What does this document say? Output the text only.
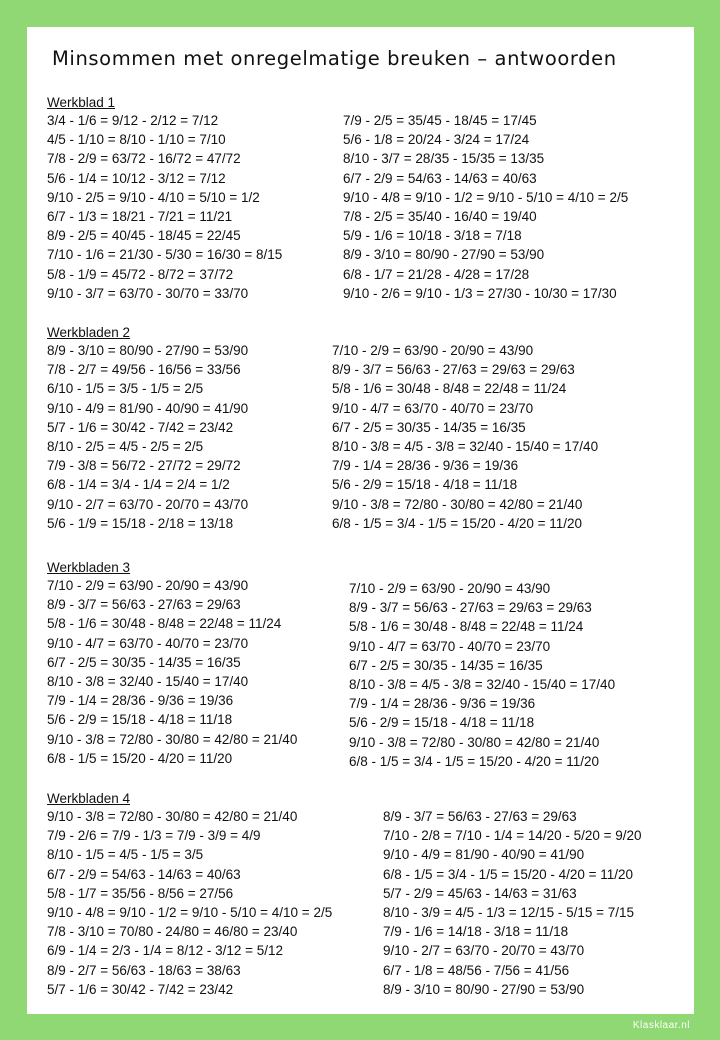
Minsommen met onregelmatige breuken – antwoorden
Werkblad 1
3/4 - 1/6 = 9/12 - 2/12 = 7/12
4/5 - 1/10 = 8/10 - 1/10 = 7/10
7/8 - 2/9 = 63/72 - 16/72 = 47/72
5/6 - 1/4 = 10/12 - 3/12 = 7/12
9/10 - 2/5 = 9/10 - 4/10 = 5/10 = 1/2
6/7 - 1/3 = 18/21 - 7/21 = 11/21
8/9 - 2/5 = 40/45 - 18/45 = 22/45
7/10 - 1/6 = 21/30 - 5/30 = 16/30 = 8/15
5/8 - 1/9 = 45/72 - 8/72 = 37/72
9/10 - 3/7 = 63/70 - 30/70 = 33/70
7/9 - 2/5 = 35/45 - 18/45 = 17/45
5/6 - 1/8 = 20/24 - 3/24 = 17/24
8/10 - 3/7 = 28/35 - 15/35 = 13/35
6/7 - 2/9 = 54/63 - 14/63 = 40/63
9/10 - 4/8 = 9/10 - 1/2 = 9/10 - 5/10 = 4/10 = 2/5
7/8 - 2/5 = 35/40 - 16/40 = 19/40
5/9 - 1/6 = 10/18 - 3/18 = 7/18
8/9 - 3/10 = 80/90 - 27/90 = 53/90
6/8 - 1/7 = 21/28 - 4/28 = 17/28
9/10 - 2/6 = 9/10 - 1/3 = 27/30 - 10/30 = 17/30
Werkbladen 2
8/9 - 3/10 = 80/90 - 27/90 = 53/90
7/8 - 2/7 = 49/56 - 16/56 = 33/56
6/10 - 1/5 = 3/5 - 1/5 = 2/5
9/10 - 4/9 = 81/90 - 40/90 = 41/90
5/7 - 1/6 = 30/42 - 7/42 = 23/42
8/10 - 2/5 = 4/5 - 2/5 = 2/5
7/9 - 3/8 = 56/72 - 27/72 = 29/72
6/8 - 1/4 = 3/4 - 1/4 = 2/4 = 1/2
9/10 - 2/7 = 63/70 - 20/70 = 43/70
5/6 - 1/9 = 15/18 - 2/18 = 13/18
7/10 - 2/9 = 63/90 - 20/90 = 43/90
8/9 - 3/7 = 56/63 - 27/63 = 29/63 = 29/63
5/8 - 1/6 = 30/48 - 8/48 = 22/48 = 11/24
9/10 - 4/7 = 63/70 - 40/70 = 23/70
6/7 - 2/5 = 30/35 - 14/35 = 16/35
8/10 - 3/8 = 4/5 - 3/8 = 32/40 - 15/40 = 17/40
7/9 - 1/4 = 28/36 - 9/36 = 19/36
5/6 - 2/9 = 15/18 - 4/18 = 11/18
9/10 - 3/8 = 72/80 - 30/80 = 42/80 = 21/40
6/8 - 1/5 = 3/4 - 1/5 = 15/20 - 4/20 = 11/20
Werkbladen 3
7/10 - 2/9 = 63/90 - 20/90 = 43/90
8/9 - 3/7 = 56/63 - 27/63 = 29/63
5/8 - 1/6 = 30/48 - 8/48 = 22/48 = 11/24
9/10 - 4/7 = 63/70 - 40/70 = 23/70
6/7 - 2/5 = 30/35 - 14/35 = 16/35
8/10 - 3/8 = 32/40 - 15/40 = 17/40
7/9 - 1/4 = 28/36 - 9/36 = 19/36
5/6 - 2/9 = 15/18 - 4/18 = 11/18
9/10 - 3/8 = 72/80 - 30/80 = 42/80 = 21/40
6/8 - 1/5 = 15/20 - 4/20 = 11/20
7/10 - 2/9 = 63/90 - 20/90 = 43/90
8/9 - 3/7 = 56/63 - 27/63 = 29/63 = 29/63
5/8 - 1/6 = 30/48 - 8/48 = 22/48 = 11/24
9/10 - 4/7 = 63/70 - 40/70 = 23/70
6/7 - 2/5 = 30/35 - 14/35 = 16/35
8/10 - 3/8 = 4/5 - 3/8 = 32/40 - 15/40 = 17/40
7/9 - 1/4 = 28/36 - 9/36 = 19/36
5/6 - 2/9 = 15/18 - 4/18 = 11/18
9/10 - 3/8 = 72/80 - 30/80 = 42/80 = 21/40
6/8 - 1/5 = 3/4 - 1/5 = 15/20 - 4/20 = 11/20
Werkbladen 4
9/10 - 3/8 = 72/80 - 30/80 = 42/80 = 21/40
7/9 - 2/6 = 7/9 - 1/3 = 7/9 - 3/9 = 4/9
8/10 - 1/5 = 4/5 - 1/5 = 3/5
6/7 - 2/9 = 54/63 - 14/63 = 40/63
5/8 - 1/7 = 35/56 - 8/56 = 27/56
9/10 - 4/8 = 9/10 - 1/2 = 9/10 - 5/10 = 4/10 = 2/5
7/8 - 3/10 = 70/80 - 24/80 = 46/80 = 23/40
6/9 - 1/4 = 2/3 - 1/4 = 8/12 - 3/12 = 5/12
8/9 - 2/7 = 56/63 - 18/63 = 38/63
5/7 - 1/6 = 30/42 - 7/42 = 23/42
8/9 - 3/7 = 56/63 - 27/63 = 29/63
7/10 - 2/8 = 7/10 - 1/4 = 14/20 - 5/20 = 9/20
9/10 - 4/9 = 81/90 - 40/90 = 41/90
6/8 - 1/5 = 3/4 - 1/5 = 15/20 - 4/20 = 11/20
5/7 - 2/9 = 45/63 - 14/63 = 31/63
8/10 - 3/9 = 4/5 - 1/3 = 12/15 - 5/15 = 7/15
7/9 - 1/6 = 14/18 - 3/18 = 11/18
9/10 - 2/7 = 63/70 - 20/70 = 43/70
6/7 - 1/8 = 48/56 - 7/56 = 41/56
8/9 - 3/10 = 80/90 - 27/90 = 53/90
Klasklaar.nl
